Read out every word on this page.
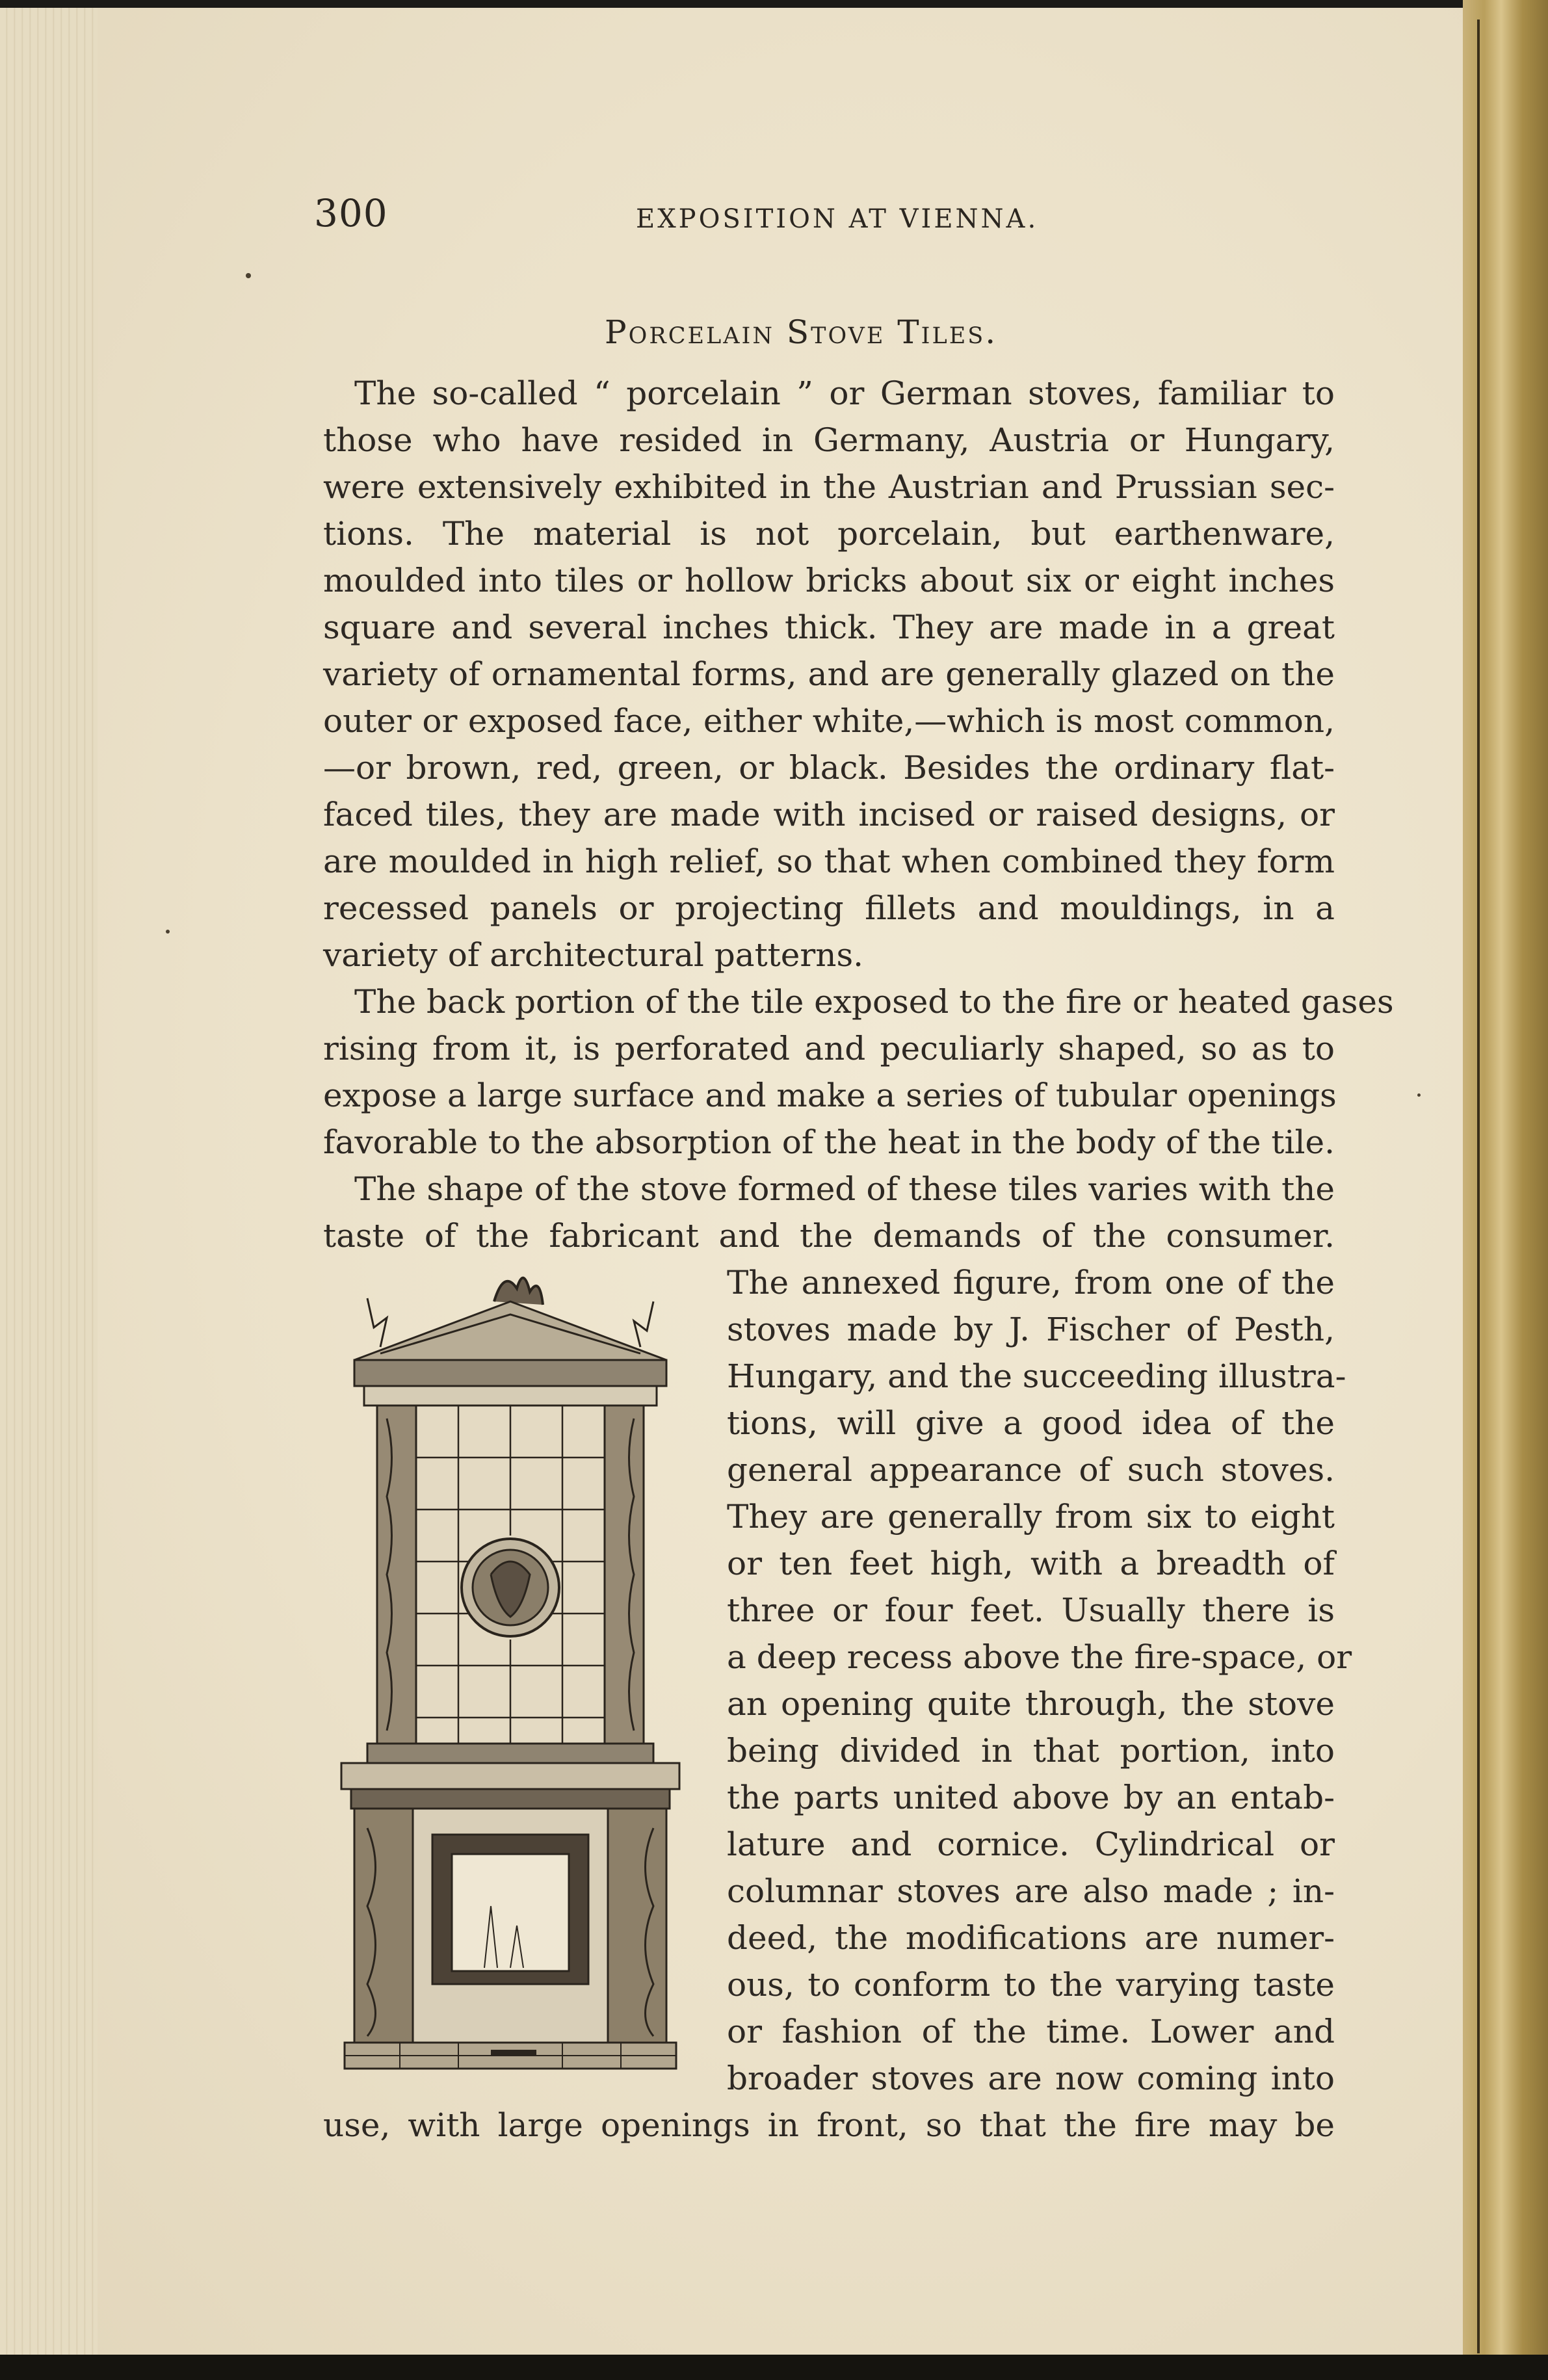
300	EXPOSITION AT VIENNA.
Porcelain Stove Tiles.
The so-called “ porcelain ” or German stoves, familiar to
those who have resided in Germany, Austria or Hungary,
were extensively exhibited in the Austrian and Prussian sec-
tions. The material is not porcelain, but earthenware,
moulded into tiles or hollow bricks about six or eight inches
square and several inches thick. They are made in a great
variety of ornamental forms, and are generally glazed on the
outer or exposed face, either white,—which is most common,
—or brown, red, green, or black. Besides the ordinary flat-
faced tiles, they are made with incised or raised designs, or
are moulded in high relief, so that when combined they form
recessed panels or projecting fillets and mouldings, in a
variety of architectural patterns.
The back portion of the tile exposed to the fire or heated gases
rising from it, is perforated and peculiarly shaped, so as to
expose a large surface and make a series of tubular openings
favorable to the absorption of the heat in the body of the tile.
The shape of the stove formed of these tiles varies with the
taste of the fabricant and the demands of the consumer.
The annexed figure, from one of the
stoves made by J. Fischer of Pesth,
Hungary, and the succeeding illustra-
tions, will give a good idea of the
general appearance of such stoves.
They are generally from six to eight
or ten feet high, with a breadth of
three or four feet. Usually there is
a deep recess above the fire-space, or
an opening quite through, the stove
being divided in that portion, into
the parts united above by an entab-
lature and cornice. Cylindrical or
columnar stoves are also made ; in-
deed, the modifications are numer-
ous, to conform to the varying taste
or fashion of the time. Lower and
broader stoves are now coming into
use, with large openings in front, so that the fire may be
